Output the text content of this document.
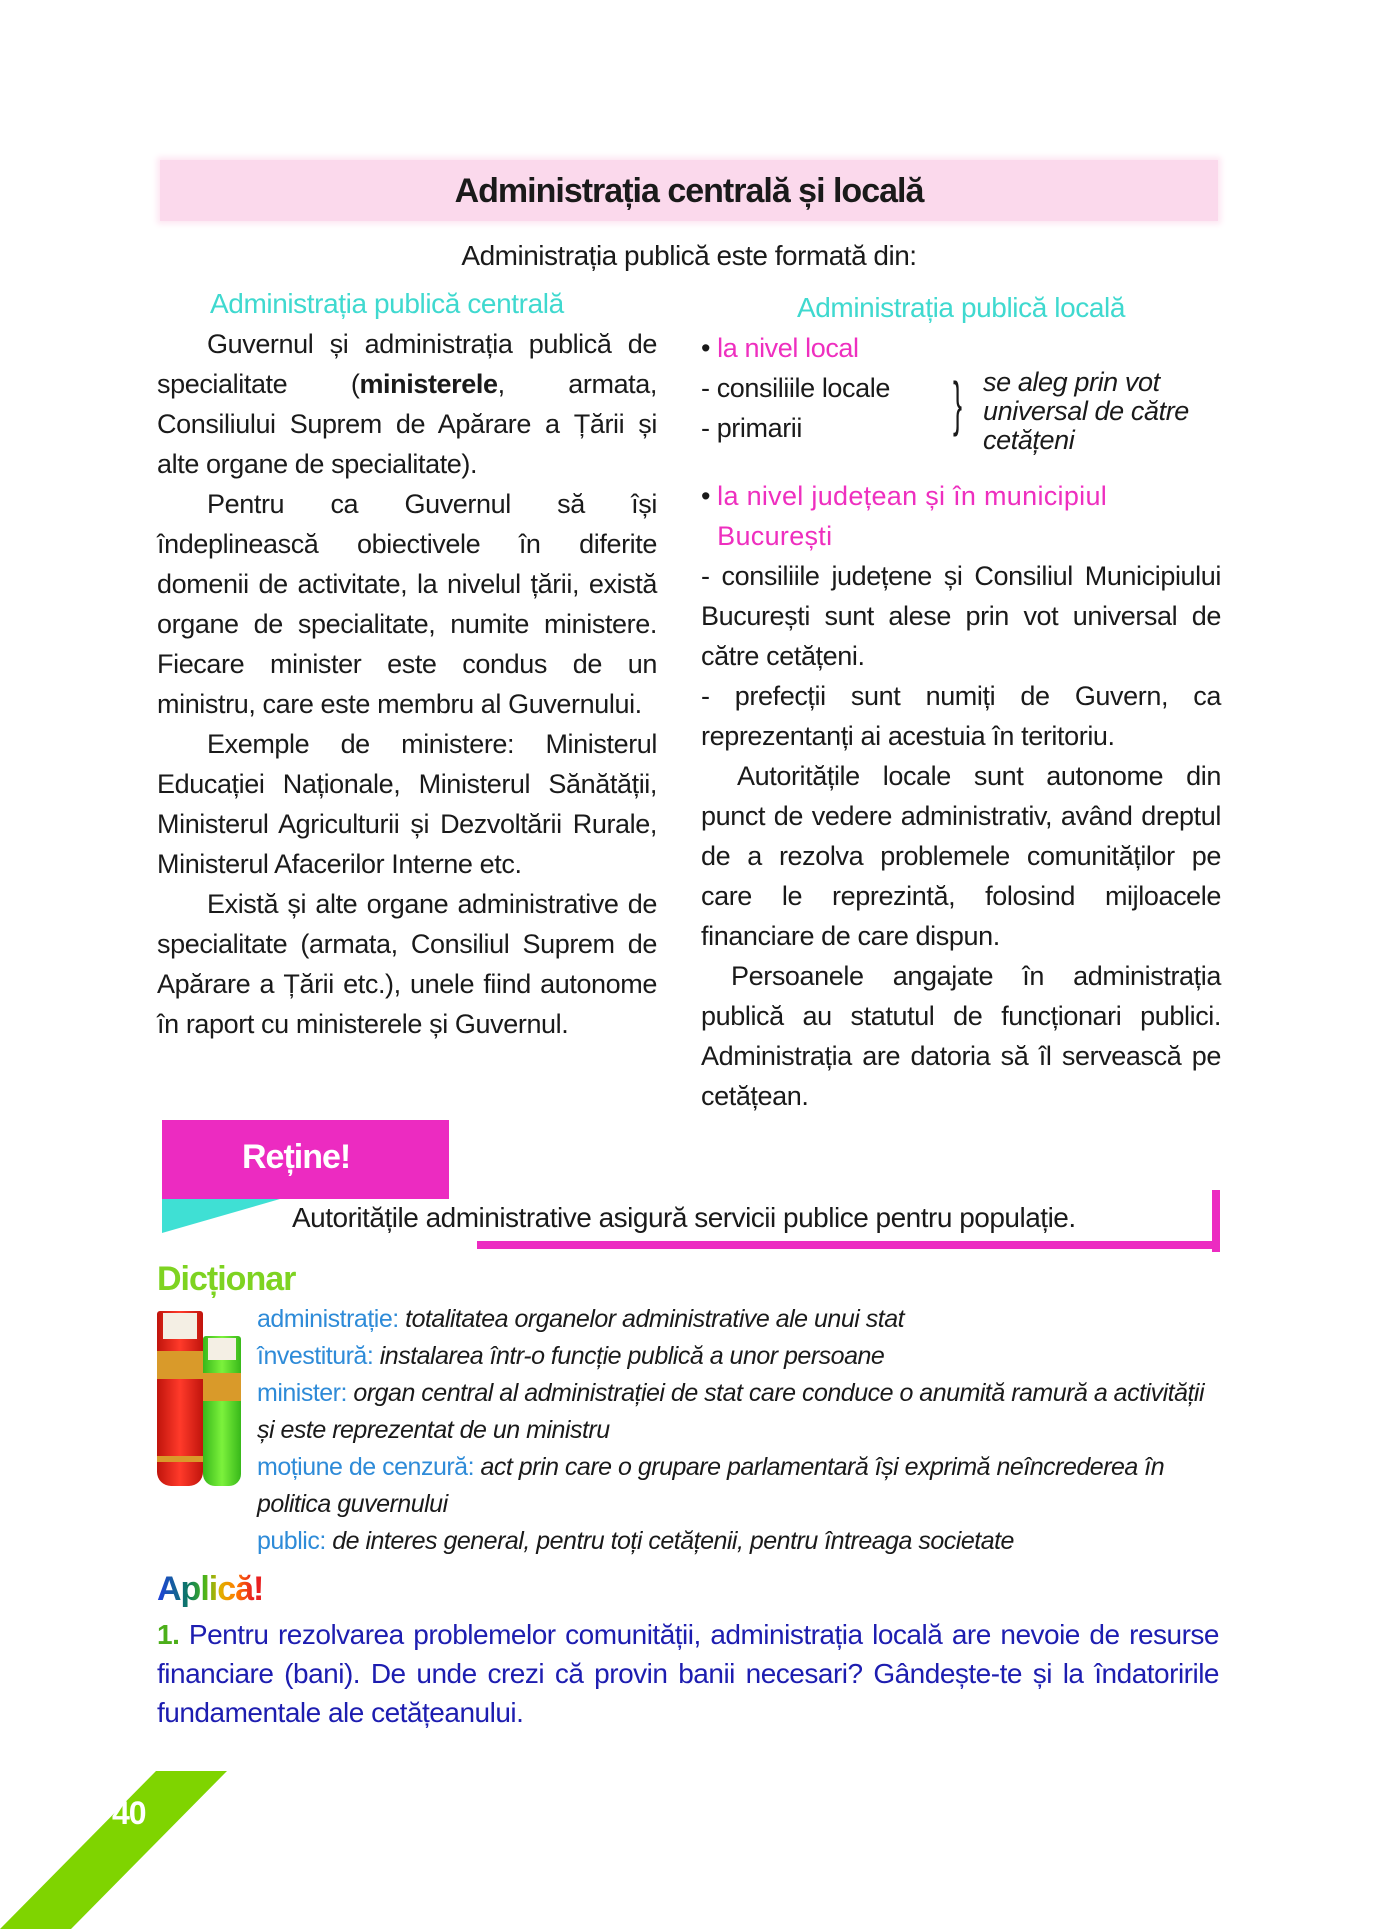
Administrația centrală și locală
Administrația publică este formată din:
Administrația publică centrală

Guvernul și administrația publică de specialitate (ministerele, armata, Consiliului Suprem de Apărare a Țării și alte organe de specialitate).

Pentru ca Guvernul să își îndeplinească obiectivele în diferite domenii de activitate, la nivelul țării, există organe de specialitate, numite ministere. Fiecare minister este condus de un ministru, care este membru al Guvernului.

Exemple de ministere: Ministerul Educației Naționale, Ministerul Sănătății, Ministerul Agriculturii și Dezvoltării Rurale, Ministerul Afacerilor Interne etc.

Există și alte organe administrative de specialitate (armata, Consiliul Suprem de Apărare a Țării etc.), unele fiind autonome în raport cu ministerele și Guvernul.

Administrația publică locală
• la nivel local
- consiliile locale
- primarii	} se aleg prin vot universal de către cetățeni
• la nivel județean și în municipiul București

- consiliile județene și Consiliul Municipiului București sunt alese prin vot universal de către cetățeni.

- prefecții sunt numiți de Guvern, ca reprezentanți ai acestuia în teritoriu.

Autoritățile locale sunt autonome din punct de vedere administrativ, având dreptul de a rezolva problemele comunităților pe care le reprezintă, folosind mijloacele financiare de care dispun.

Persoanele angajate în administrația publică au statutul de funcționari publici. Administrația are datoria să îl servească pe cetățean.

Reține!
Autoritățile administrative asigură servicii publice pentru populație.
Dicționar
administrație: totalitatea organelor administrative ale unui stat
învestitură: instalarea într-o funcție publică a unor persoane
minister: organ central al administrației de stat care conduce o anumită ramură a activității și este reprezentat de un ministru
moțiune de cenzură: act prin care o grupare parlamentară își exprimă neîncrederea în politica guvernului
public: de interes general, pentru toți cetățenii, pentru întreaga societate
Aplică!
1. Pentru rezolvarea problemelor comunității, administrația locală are nevoie de resurse financiare (bani). De unde crezi că provin banii necesari? Gândește-te și la îndatoririle fundamentale ale cetățeanului.
40
